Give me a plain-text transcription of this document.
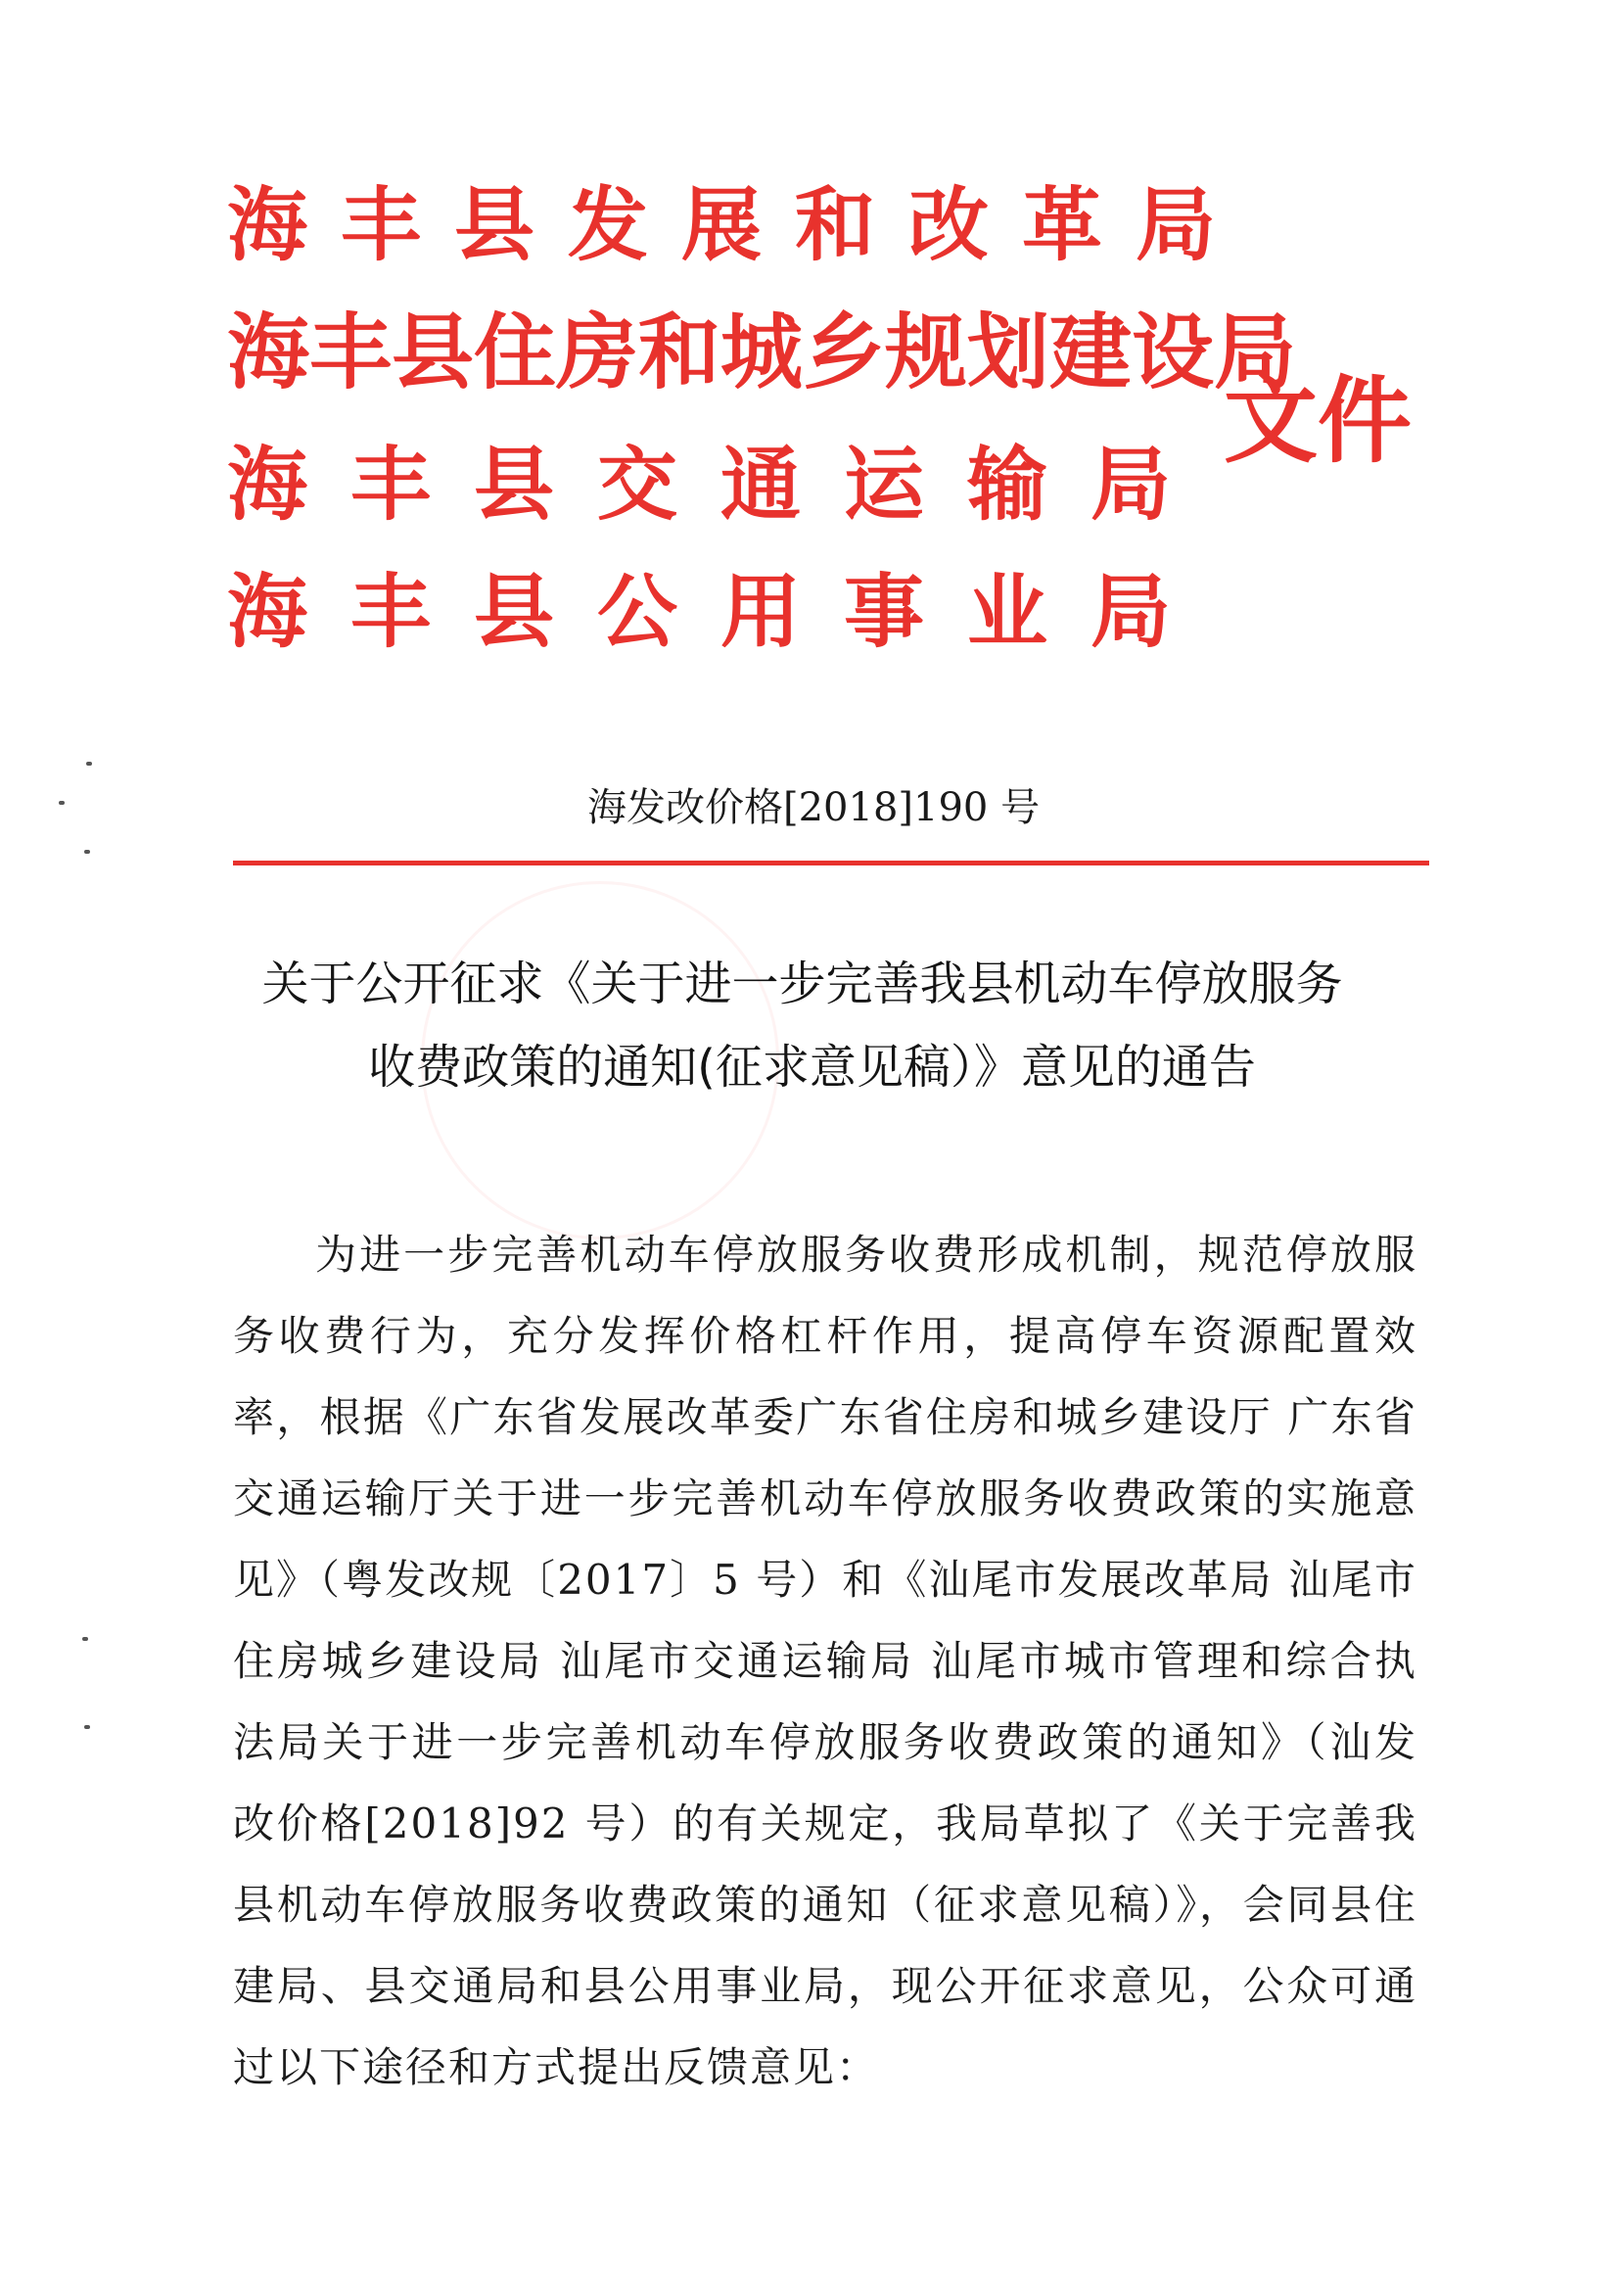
海丰县发展和改革局
海丰县住房和城乡规划建设局
海丰县交通运输局
海丰县公用事业局
文件
海发改价格[2018]190 号
关于公开征求《关于进一步完善我县机动车停放服务
收费政策的通知(征求意见稿）》意见的通告
为进一步完善机动车停放服务收费形成机制，规范停放服务收费行为，充分发挥价格杠杆作用，提高停车资源配置效率，根据《广东省发展改革委广东省住房和城乡建设厅 广东省交通运输厅关于进一步完善机动车停放服务收费政策的实施意见》（粤发改规〔2017〕5 号）和《汕尾市发展改革局 汕尾市住房城乡建设局 汕尾市交通运输局 汕尾市城市管理和综合执法局关于进一步完善机动车停放服务收费政策的通知》（汕发改价格[2018]92 号）的有关规定，我局草拟了《关于完善我县机动车停放服务收费政策的通知（征求意见稿）》，会同县住建局、县交通局和县公用事业局，现公开征求意见，公众可通过以下途径和方式提出反馈意见：
